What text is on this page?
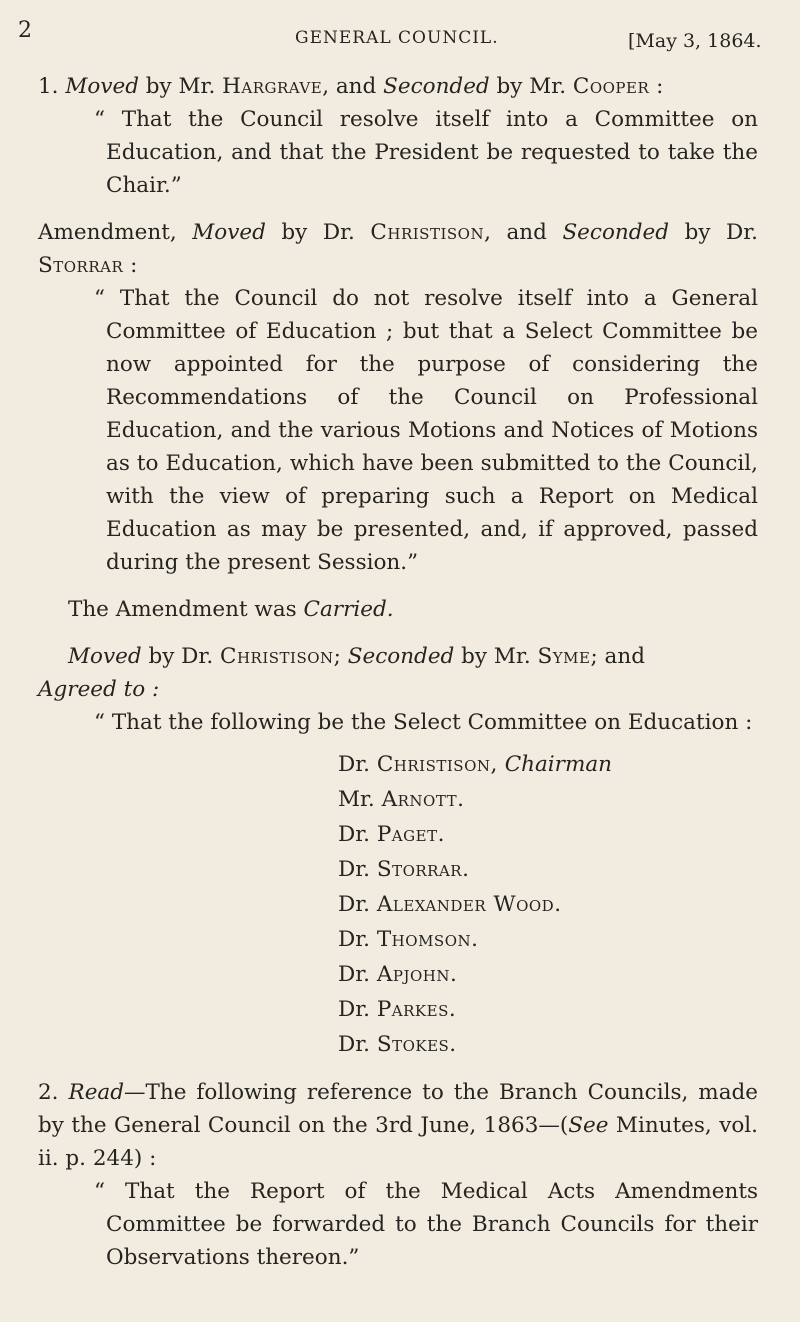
2	GENERAL COUNCIL.	[May 3, 1864.

1. Moved by Mr. Hargrave, and Seconded by Mr. Cooper :

“ That the Council resolve itself into a Committee on Education, and that the President be requested to take the Chair.”

Amendment, Moved by Dr. Christison, and Seconded by Dr. Storrar :

“ That the Council do not resolve itself into a General Committee of Education ; but that a Select Committee be now appointed for the purpose of considering the Recommendations of the Council on Professional Education, and the various Motions and Notices of Motions as to Education, which have been submitted to the Council, with the view of preparing such a Report on Medical Education as may be presented, and, if approved, passed during the present Session.”

The Amendment was Carried.

Moved by Dr. Christison; Seconded by Mr. Syme; and
Agreed to :

“ That the following be the Select Committee on Education :

Dr. Christison, Chairman
Mr. Arnott.
Dr. Paget.
Dr. Storrar.
Dr. Alexander Wood.
Dr. Thomson.
Dr. Apjohn.
Dr. Parkes.
Dr. Stokes.

2. Read—The following reference to the Branch Councils, made by the General Council on the 3rd June, 1863—(See Minutes, vol. ii. p. 244) :

“ That the Report of the Medical Acts Amendments Committee be forwarded to the Branch Councils for their Observations thereon.”
